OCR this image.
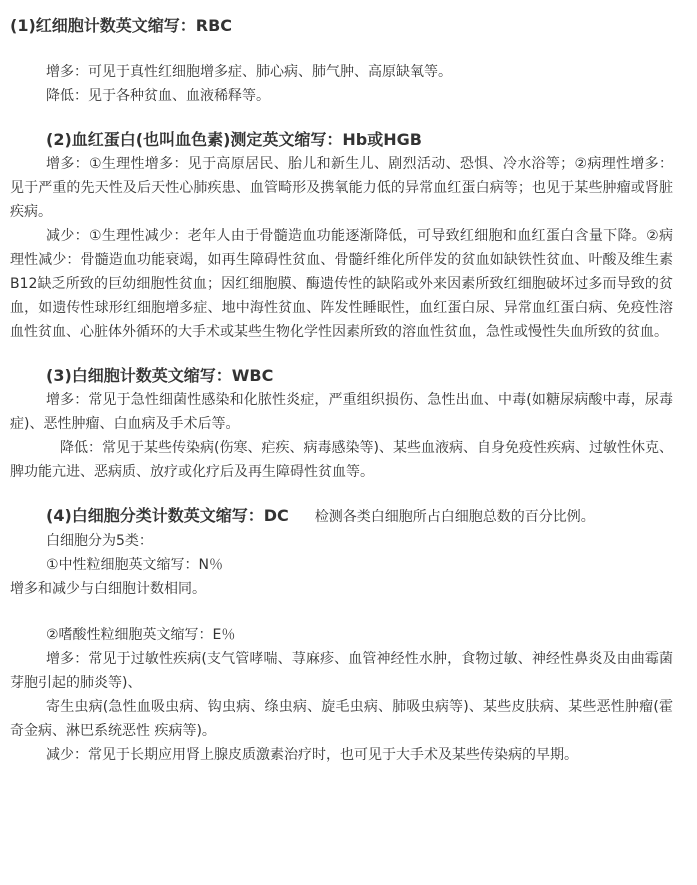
(1)红细胞计数英文缩写：RBC

增多：可见于真性红细胞增多症、肺心病、肺气肿、高原缺氧等。

降低：见于各种贫血、血液稀释等。

(2)血红蛋白(也叫血色素)测定英文缩写：Hb或HGB

增多：①生理性增多：见于高原居民、胎儿和新生儿、剧烈活动、恐惧、冷水浴等；②病理性增多：见于严重的先天性及后天性心肺疾患、血管畸形及携氧能力低的异常血红蛋白病等；也见于某些肿瘤或肾脏疾病。

减少：①生理性减少：老年人由于骨髓造血功能逐渐降低，可导致红细胞和血红蛋白含量下降。②病理性减少：骨髓造血功能衰竭，如再生障碍性贫血、骨髓纤维化所伴发的贫血如缺铁性贫血、叶酸及维生素B12缺乏所致的巨幼细胞性贫血；因红细胞膜、酶遗传性的缺陷或外来因素所致红细胞破坏过多而导致的贫血，如遗传性球形红细胞增多症、地中海性贫血、阵发性睡眠性，血红蛋白尿、异常血红蛋白病、免疫性溶血性贫血、心脏体外循环的大手术或某些生物化学性因素所致的溶血性贫血，急性或慢性失血所致的贫血。

(3)白细胞计数英文缩写：WBC

增多：常见于急性细菌性感染和化脓性炎症，严重组织损伤、急性出血、中毒(如糖尿病酸中毒，尿毒症)、恶性肿瘤、白血病及手术后等。

降低：常见于某些传染病(伤寒、疟疾、病毒感染等)、某些血液病、自身免疫性疾病、过敏性休克、脾功能亢进、恶病质、放疗或化疗后及再生障碍性贫血等。

(4)白细胞分类计数英文缩写：DC 检测各类白细胞所占白细胞总数的百分比例。

白细胞分为5类：

①中性粒细胞英文缩写：N％

增多和减少与白细胞计数相同。

②嗜酸性粒细胞英文缩写：E％

增多：常见于过敏性疾病(支气管哮喘、荨麻疹、血管神经性水肿，食物过敏、神经性鼻炎及由曲霉菌芽胞引起的肺炎等)、

寄生虫病(急性血吸虫病、钩虫病、绦虫病、旋毛虫病、肺吸虫病等)、某些皮肤病、某些恶性肿瘤(霍奇金病、淋巴系统恶性 疾病等)。

减少：常见于长期应用肾上腺皮质激素治疗时，也可见于大手术及某些传染病的早期。
